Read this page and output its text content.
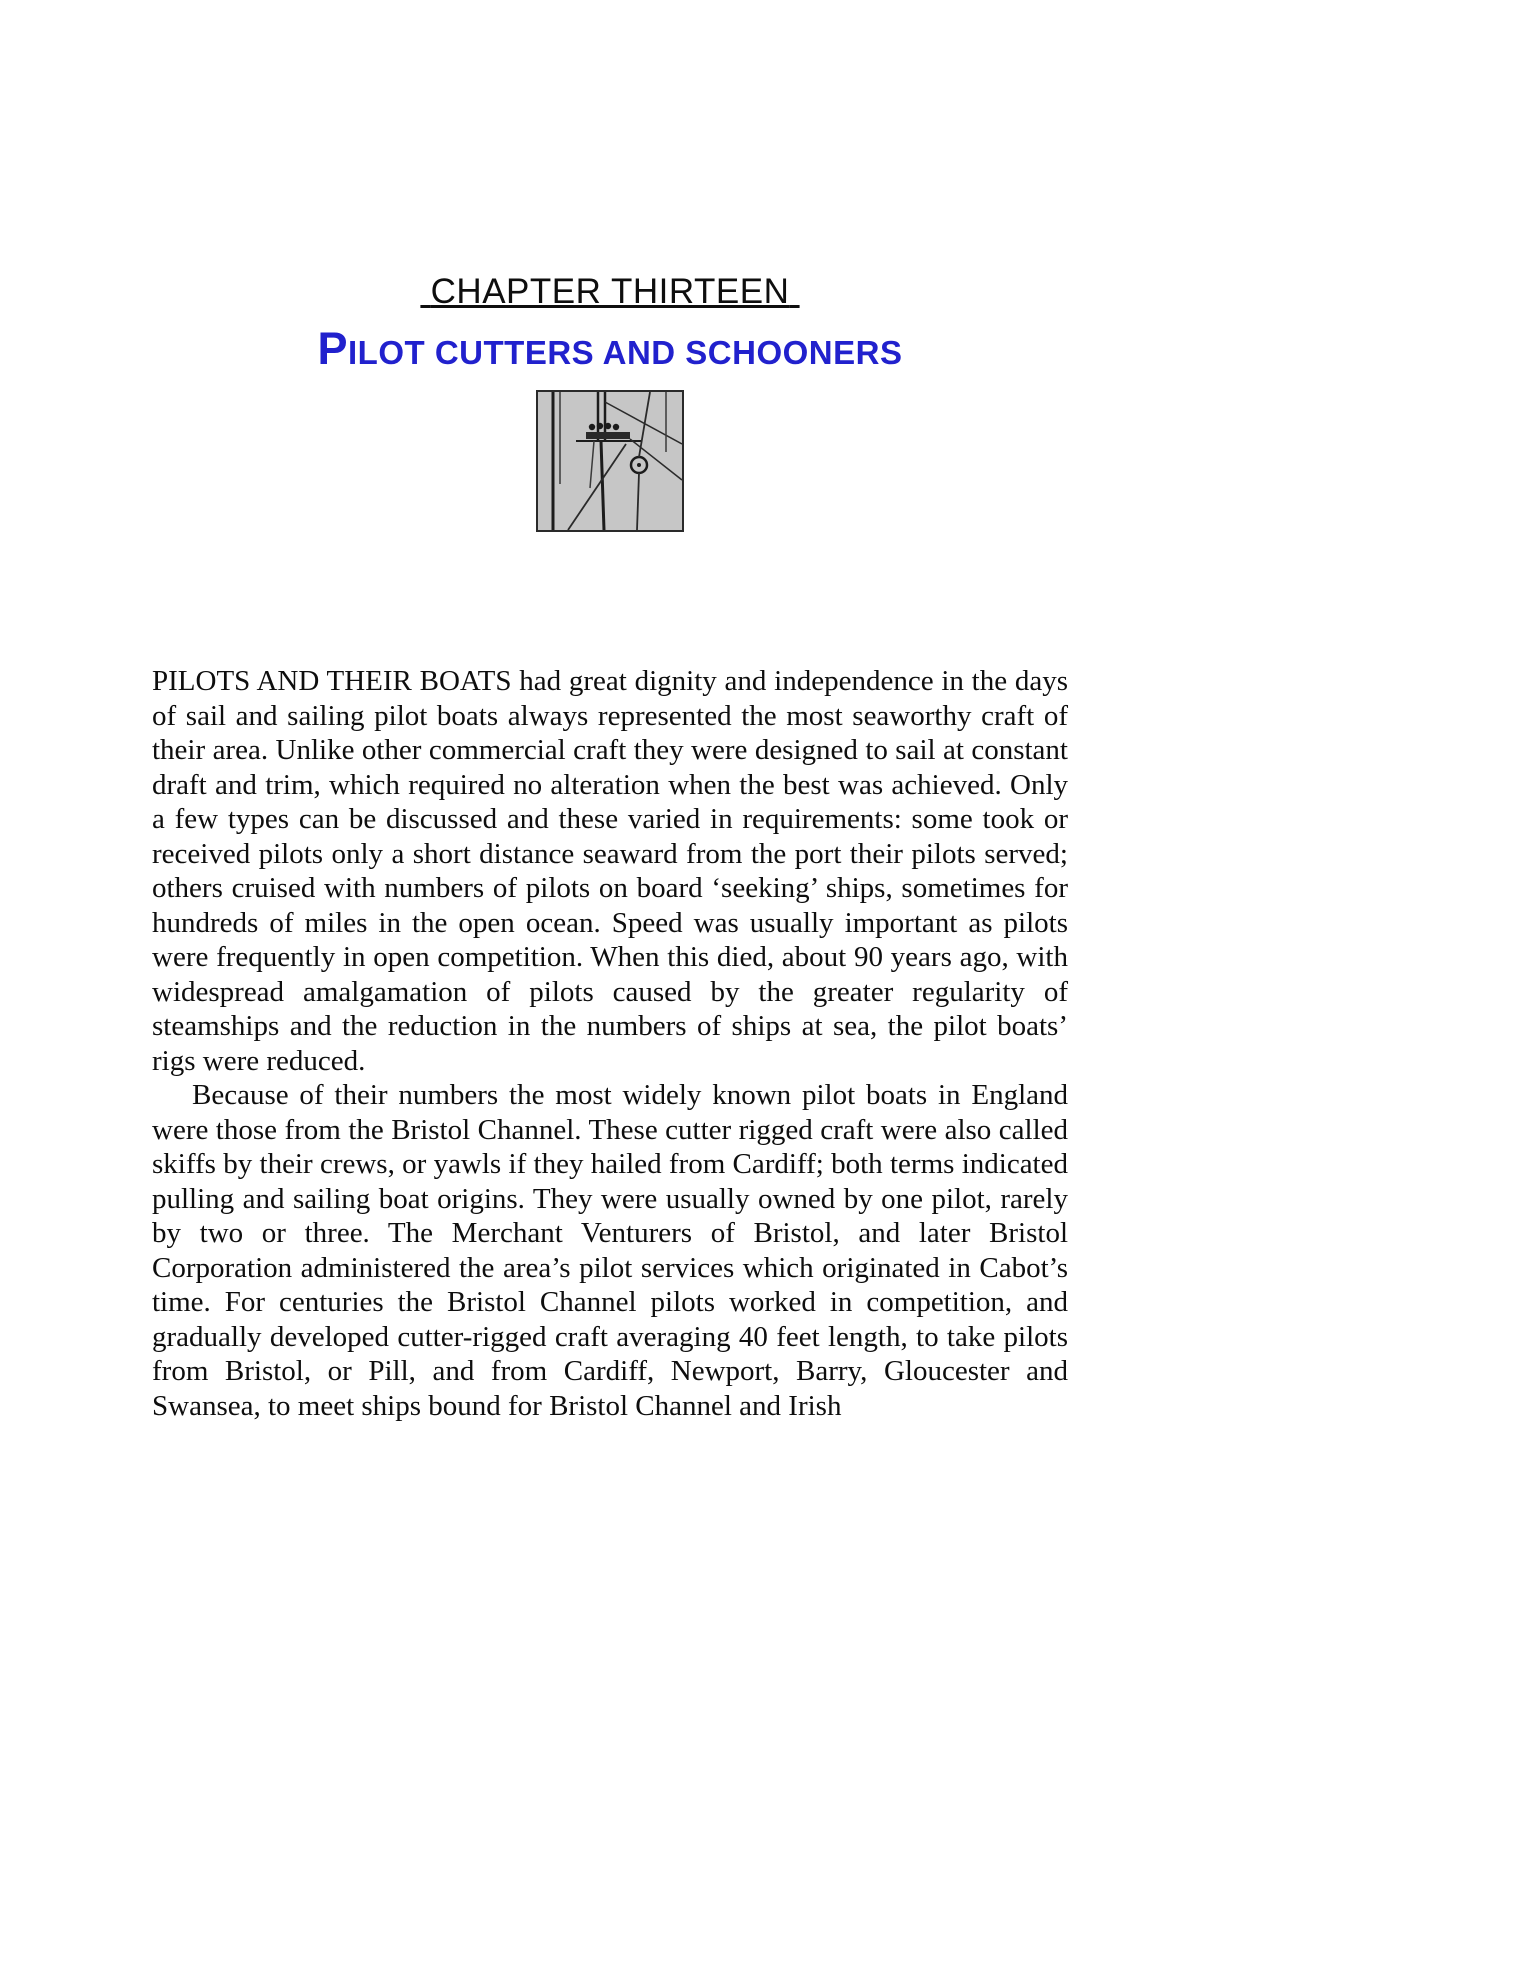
CHAPTER THIRTEEN
PILOT CUTTERS AND SCHOONERS

PILOTS AND THEIR BOATS had great dignity and independence in the days of sail and sailing pilot boats always represented the most seaworthy craft of their area. Unlike other commercial craft they were designed to sail at constant draft and trim, which required no alteration when the best was achieved. Only a few types can be discussed and these varied in requirements: some took or received pilots only a short distance seaward from the port their pilots served; others cruised with numbers of pilots on board ‘seeking’ ships, sometimes for hundreds of miles in the open ocean. Speed was usually important as pilots were frequently in open competition. When this died, about 90 years ago, with widespread amalgamation of pilots caused by the greater regularity of steamships and the reduction in the numbers of ships at sea, the pilot boats’ rigs were reduced.

Because of their numbers the most widely known pilot boats in England were those from the Bristol Channel. These cutter rigged craft were also called skiffs by their crews, or yawls if they hailed from Cardiff; both terms indicated pulling and sailing boat origins. They were usually owned by one pilot, rarely by two or three. The Merchant Venturers of Bristol, and later Bristol Corporation administered the area’s pilot services which originated in Cabot’s time. For centuries the Bristol Channel pilots worked in competition, and gradually developed cutter-rigged craft averaging 40 feet length, to take pilots from Bristol, or Pill, and from Cardiff, Newport, Barry, Gloucester and Swansea, to meet ships bound for Bristol Channel and Irish
